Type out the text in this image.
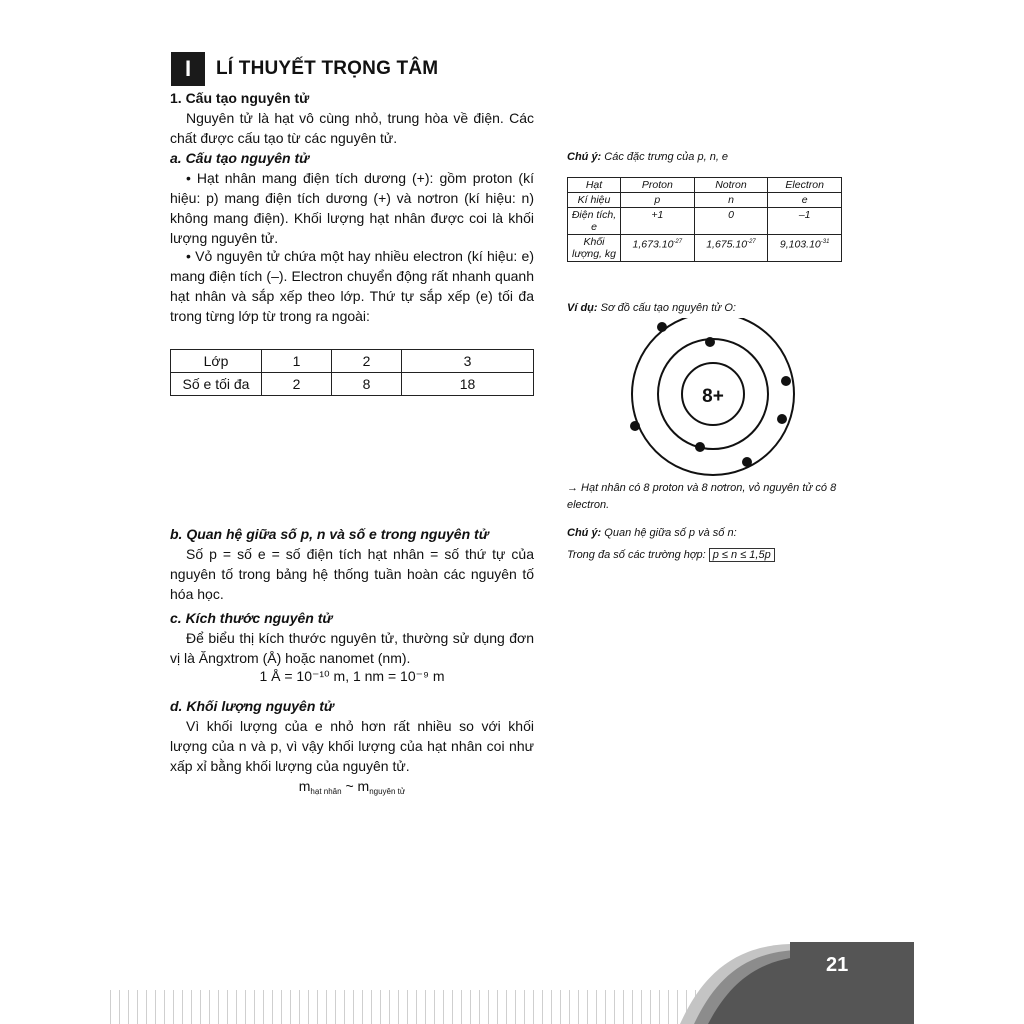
I	LÍ THUYẾT TRỌNG TÂM
1. Cấu tạo nguyên tử

Nguyên tử là hạt vô cùng nhỏ, trung hòa về điện. Các chất được cấu tạo từ các nguyên tử.

a. Cấu tạo nguyên tử

• Hạt nhân mang điện tích dương (+): gồm proton (kí hiệu: p) mang điện tích dương (+) và nơtron (kí hiệu: n) không mang điện). Khối lượng hạt nhân được coi là khối lượng nguyên tử.

• Vỏ nguyên tử chứa một hay nhiều electron (kí hiệu: e) mang điện tích (–). Electron chuyển động rất nhanh quanh hạt nhân và sắp xếp theo lớp. Thứ tự sắp xếp (e) tối đa trong từng lớp từ trong ra ngoài:

Lớp	1	2	3
Số e tối đa	2	8	18
b. Quan hệ giữa số p, n và số e trong nguyên tử

Số p = số e = số điện tích hạt nhân = số thứ tự của nguyên tố trong bảng hệ thống tuần hoàn các nguyên tố hóa học.

c. Kích thước nguyên tử

Để biểu thị kích thước nguyên tử, thường sử dụng đơn vị là Ăngxtrom (Å) hoặc nanomet (nm).

1 Å = 10⁻¹⁰ m, 1 nm = 10⁻⁹ m
d. Khối lượng nguyên tử

Vì khối lượng của e nhỏ hơn rất nhiều so với khối lượng của n và p, vì vậy khối lượng của hạt nhân coi như xấp xỉ bằng khối lượng của nguyên tử.

$m_{hạt nhân}$ ~ $m_{nguyên tử}$
Chú ý: Các đặc trưng của p, n, e
Hạt	Proton	Notron	Electron
Kí hiệu	p	n	e
Điện tích, e	+1	0	–1
Khối lượng, kg	$1,673.10^{-27}$	$1,675.10^{-27}$	$9,103.10^{-31}$
Ví dụ: Sơ đồ cấu tạo nguyên tử O:
8+
→ Hạt nhân có 8 proton và 8 nơtron, vỏ nguyên tử có 8 electron.
Chú ý: Quan hệ giữa số p và số n:
Trong đa số các trường hợp: p ≤ n ≤ 1,5p
21
